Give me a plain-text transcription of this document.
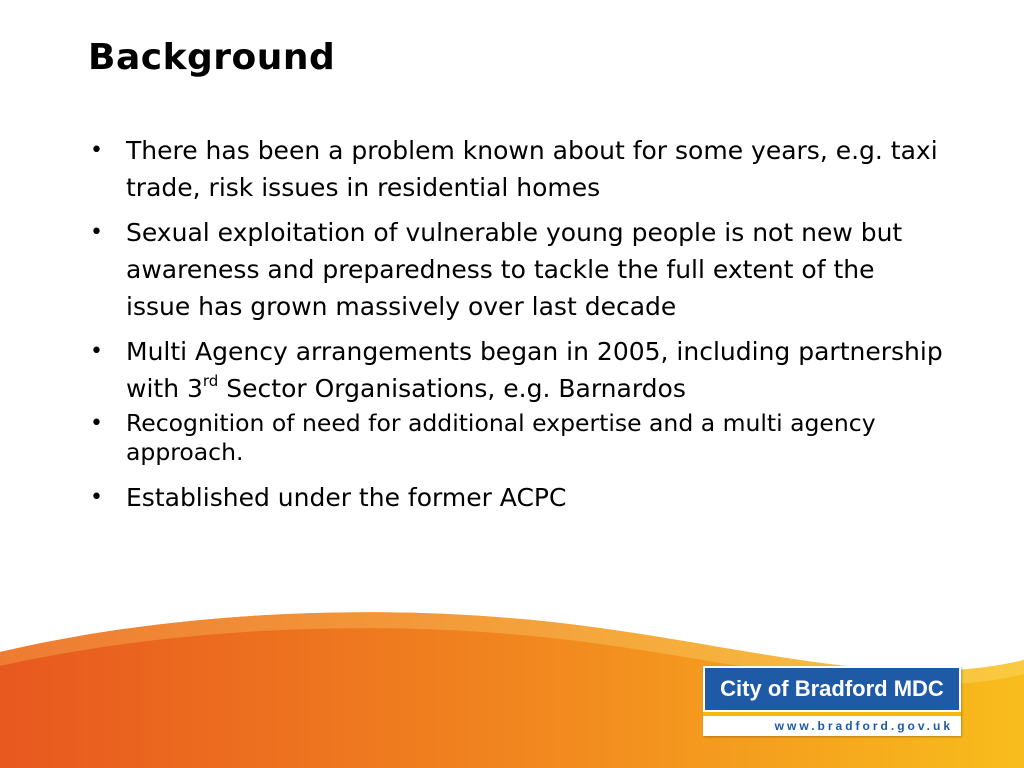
Background
• There has been a problem known about for some years, e.g. taxi trade, risk issues in residential homes
• Sexual exploitation of vulnerable young people is not new but awareness and preparedness to tackle the full extent of the issue has grown massively over last decade
• Multi Agency arrangements began in 2005, including partnership with 3rd Sector Organisations, e.g. Barnardos
• Recognition of need for additional expertise and a multi agency approach.
• Established under the former ACPC
City of Bradford MDC
www.bradford.gov.uk
